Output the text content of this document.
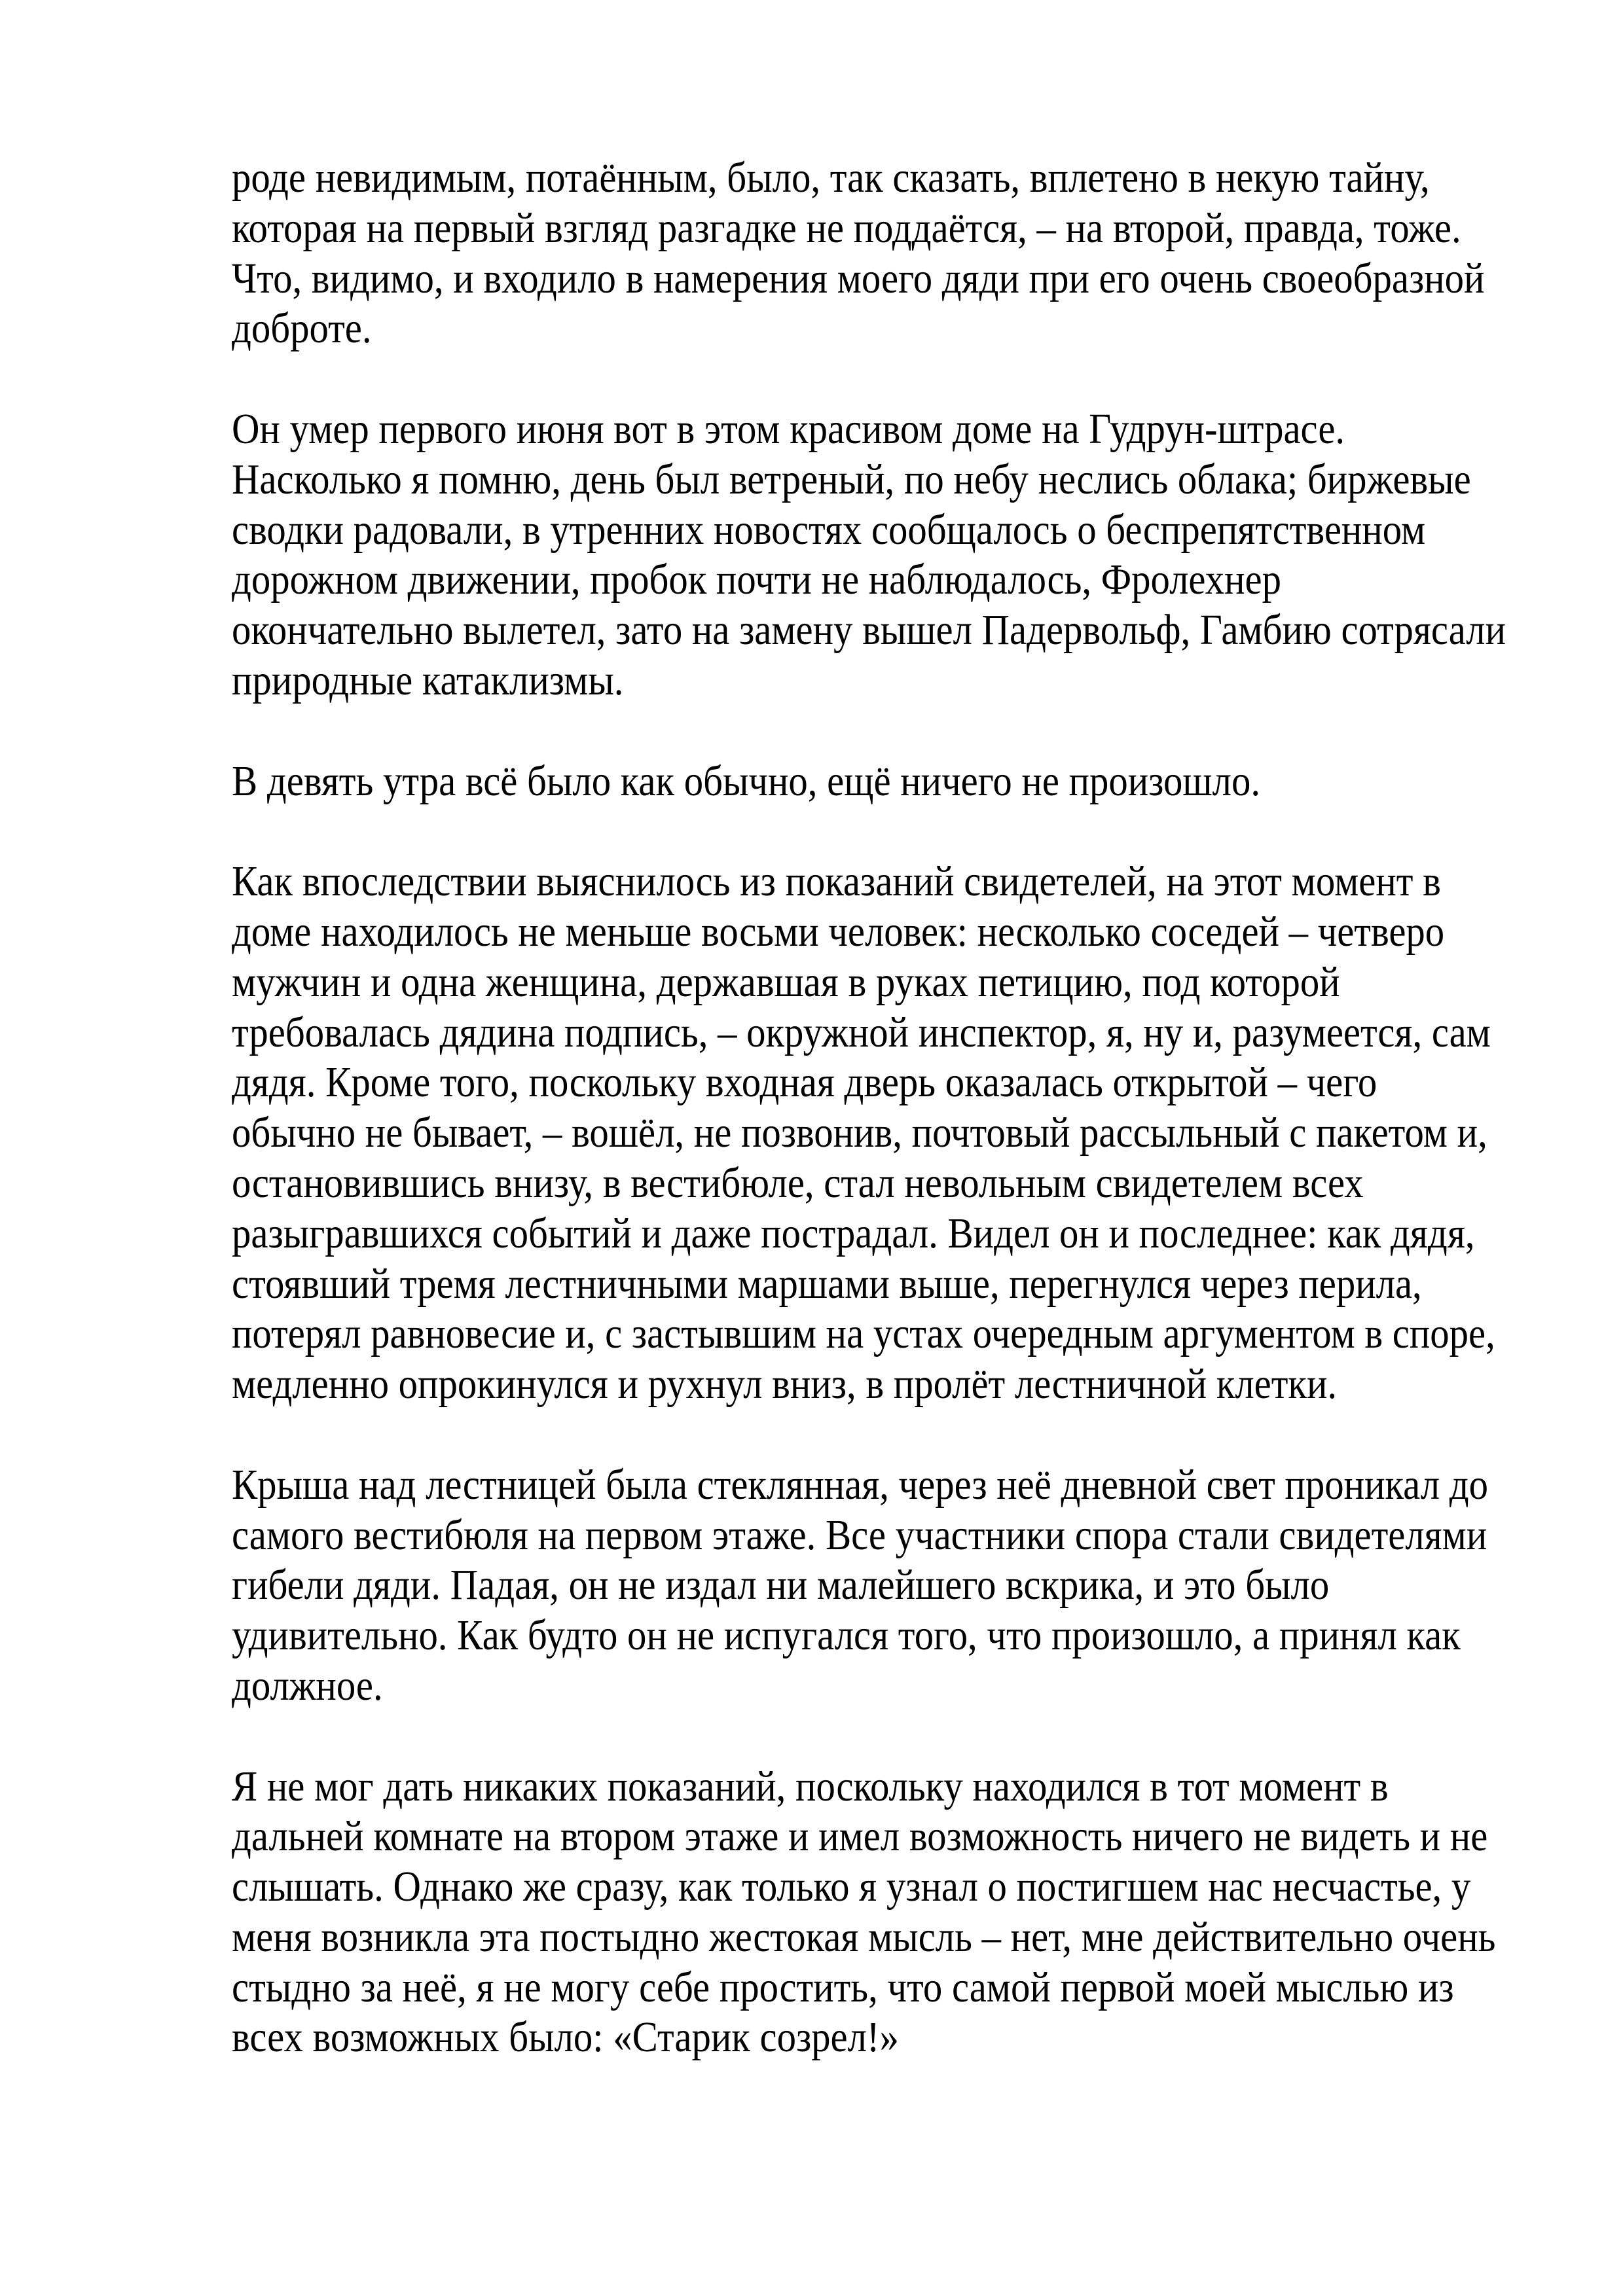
роде невидимым, потаённым, было, так сказать, вплетено в некую тайну,
которая на первый взгляд разгадке не поддаётся, – на второй, правда, тоже.
Что, видимо, и входило в намерения моего дяди при его очень своеобразной
доброте.

Он умер первого июня вот в этом красивом доме на Гудрун-штрасе.
Насколько я помню, день был ветреный, по небу неслись облака; биржевые
сводки радовали, в утренних новостях сообщалось о беспрепятственном
дорожном движении, пробок почти не наблюдалось, Фролехнер
окончательно вылетел, зато на замену вышел Падервольф, Гамбию сотрясали
природные катаклизмы.

В девять утра всё было как обычно, ещё ничего не произошло.

Как впоследствии выяснилось из показаний свидетелей, на этот момент в
доме находилось не меньше восьми человек: несколько соседей – четверо
мужчин и одна женщина, державшая в руках петицию, под которой
требовалась дядина подпись, – окружной инспектор, я, ну и, разумеется, сам
дядя. Кроме того, поскольку входная дверь оказалась открытой – чего
обычно не бывает, – вошёл, не позвонив, почтовый рассыльный с пакетом и,
остановившись внизу, в вестибюле, стал невольным свидетелем всех
разыгравшихся событий и даже пострадал. Видел он и последнее: как дядя,
стоявший тремя лестничными маршами выше, перегнулся через перила,
потерял равновесие и, с застывшим на устах очередным аргументом в споре,
медленно опрокинулся и рухнул вниз, в пролёт лестничной клетки.

Крыша над лестницей была стеклянная, через неё дневной свет проникал до
самого вестибюля на первом этаже. Все участники спора стали свидетелями
гибели дяди. Падая, он не издал ни малейшего вскрика, и это было
удивительно. Как будто он не испугался того, что произошло, а принял как
должное.

Я не мог дать никаких показаний, поскольку находился в тот момент в
дальней комнате на втором этаже и имел возможность ничего не видеть и не
слышать. Однако же сразу, как только я узнал о постигшем нас несчастье, у
меня возникла эта постыдно жестокая мысль – нет, мне действительно очень
стыдно за неё, я не могу себе простить, что самой первой моей мыслью из
всех возможных было: «Старик созрел!»
